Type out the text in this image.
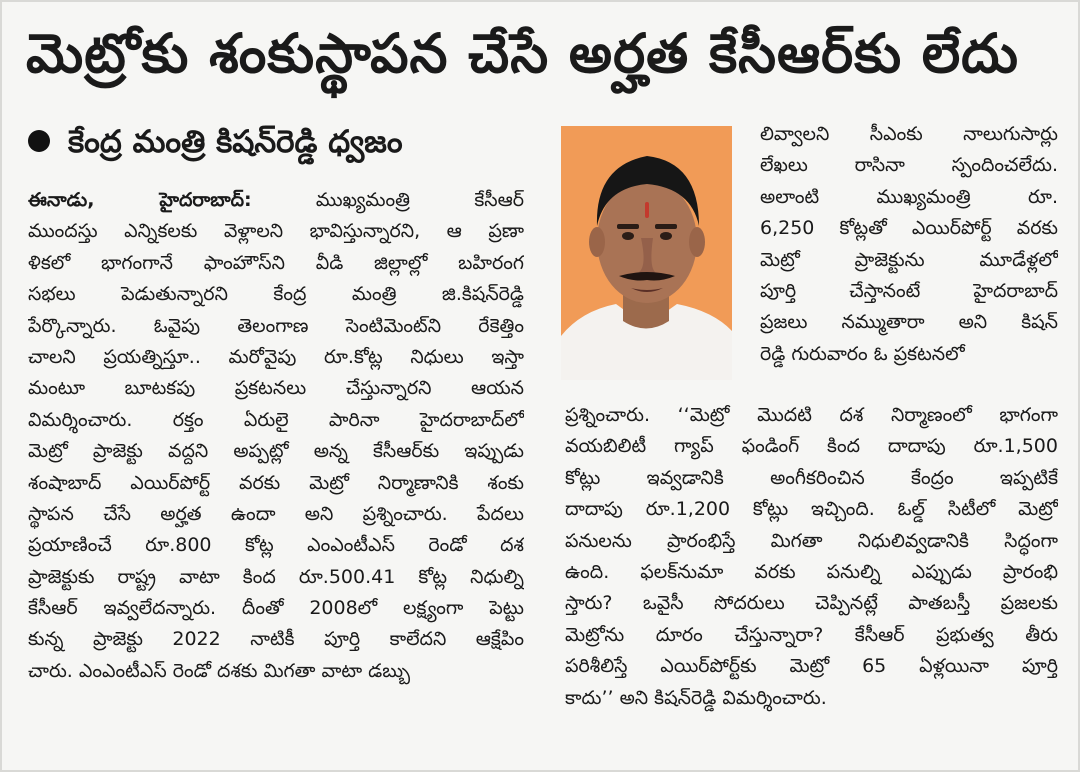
మెట్రోకు శంకుస్థాపన చేసే అర్హత కేసీఆర్‌కు లేదు
కేంద్ర మంత్రి కిషన్‌రెడ్డి ధ్వజం
ఈనాడు, హైదరాబాద్:	ముఖ్యమంత్రి కేసీఆర్
ముందస్తు ఎన్నికలకు వెళ్లాలని భావిస్తున్నారని, ఆ ప్రణా
ళికలో భాగంగానే ఫాంహౌస్‌ని వీడి జిల్లాల్లో బహిరంగ
సభలు పెడుతున్నారని కేంద్ర మంత్రి జి.కిషన్‌రెడ్డి
పేర్కొన్నారు. ఓవైపు తెలంగాణ సెంటిమెంట్‌ని రేకెత్తిం
చాలని ప్రయత్నిస్తూ.. మరోవైపు రూ.కోట్ల నిధులు ఇస్తా
మంటూ బూటకపు ప్రకటనలు చేస్తున్నారని ఆయన
విమర్శించారు. రక్తం ఏరులై పారినా హైదరాబాద్‌లో
మెట్రో ప్రాజెక్టు వద్దని అప్పట్లో అన్న కేసీఆర్‌కు ఇప్పుడు
శంషాబాద్ ఎయిర్‌పోర్ట్ వరకు మెట్రో నిర్మాణానికి శంకు
స్థాపన చేసే అర్హత ఉందా అని ప్రశ్నించారు. పేదలు
ప్రయాణించే రూ.800 కోట్ల ఎంఎంటీఎస్ రెండో దశ
ప్రాజెక్టుకు రాష్ట్ర వాటా కింద రూ.500.41 కోట్ల నిధుల్ని
కేసీఆర్ ఇవ్వలేదన్నారు. దీంతో 2008లో లక్ష్యంగా పెట్టు
కున్న ప్రాజెక్టు 2022 నాటికీ పూర్తి కాలేదని ఆక్షేపిం
చారు. ఎంఎంటీఎస్ రెండో దశకు మిగతా వాటా డబ్బు
లివ్వాలని సీఎంకు నాలుగుసార్లు
లేఖలు రాసినా స్పందించలేదు.
అలాంటి ముఖ్యమంత్రి రూ.
6,250 కోట్లతో ఎయిర్‌పోర్ట్ వరకు
మెట్రో ప్రాజెక్టును మూడేళ్లలో
పూర్తి చేస్తానంటే హైదరాబాద్
ప్రజలు నమ్ముతారా అని కిషన్
రెడ్డి గురువారం ఓ ప్రకటనలో
ప్రశ్నించారు. ‘‘మెట్రో మొదటి దశ నిర్మాణంలో భాగంగా
వయబిలిటీ గ్యాప్ ఫండింగ్ కింద దాదాపు రూ.1,500
కోట్లు ఇవ్వడానికి అంగీకరించిన కేంద్రం ఇప్పటికే
దాదాపు రూ.1,200 కోట్లు ఇచ్చింది. ఓల్డ్ సిటీలో మెట్రో
పనులను ప్రారంభిస్తే మిగతా నిధులివ్వడానికి సిద్ధంగా
ఉంది. ఫలక్‌నుమా వరకు పనుల్ని ఎప్పుడు ప్రారంభి
స్తారు? ఒవైసీ సోదరులు చెప్పినట్లే పాతబస్తీ ప్రజలకు
మెట్రోను దూరం చేస్తున్నారా? కేసీఆర్ ప్రభుత్వ తీరు
పరిశీలిస్తే ఎయిర్‌పోర్ట్‌కు మెట్రో 65 ఏళ్లయినా పూర్తి
కాదు’’ అని కిషన్‌రెడ్డి విమర్శించారు.
